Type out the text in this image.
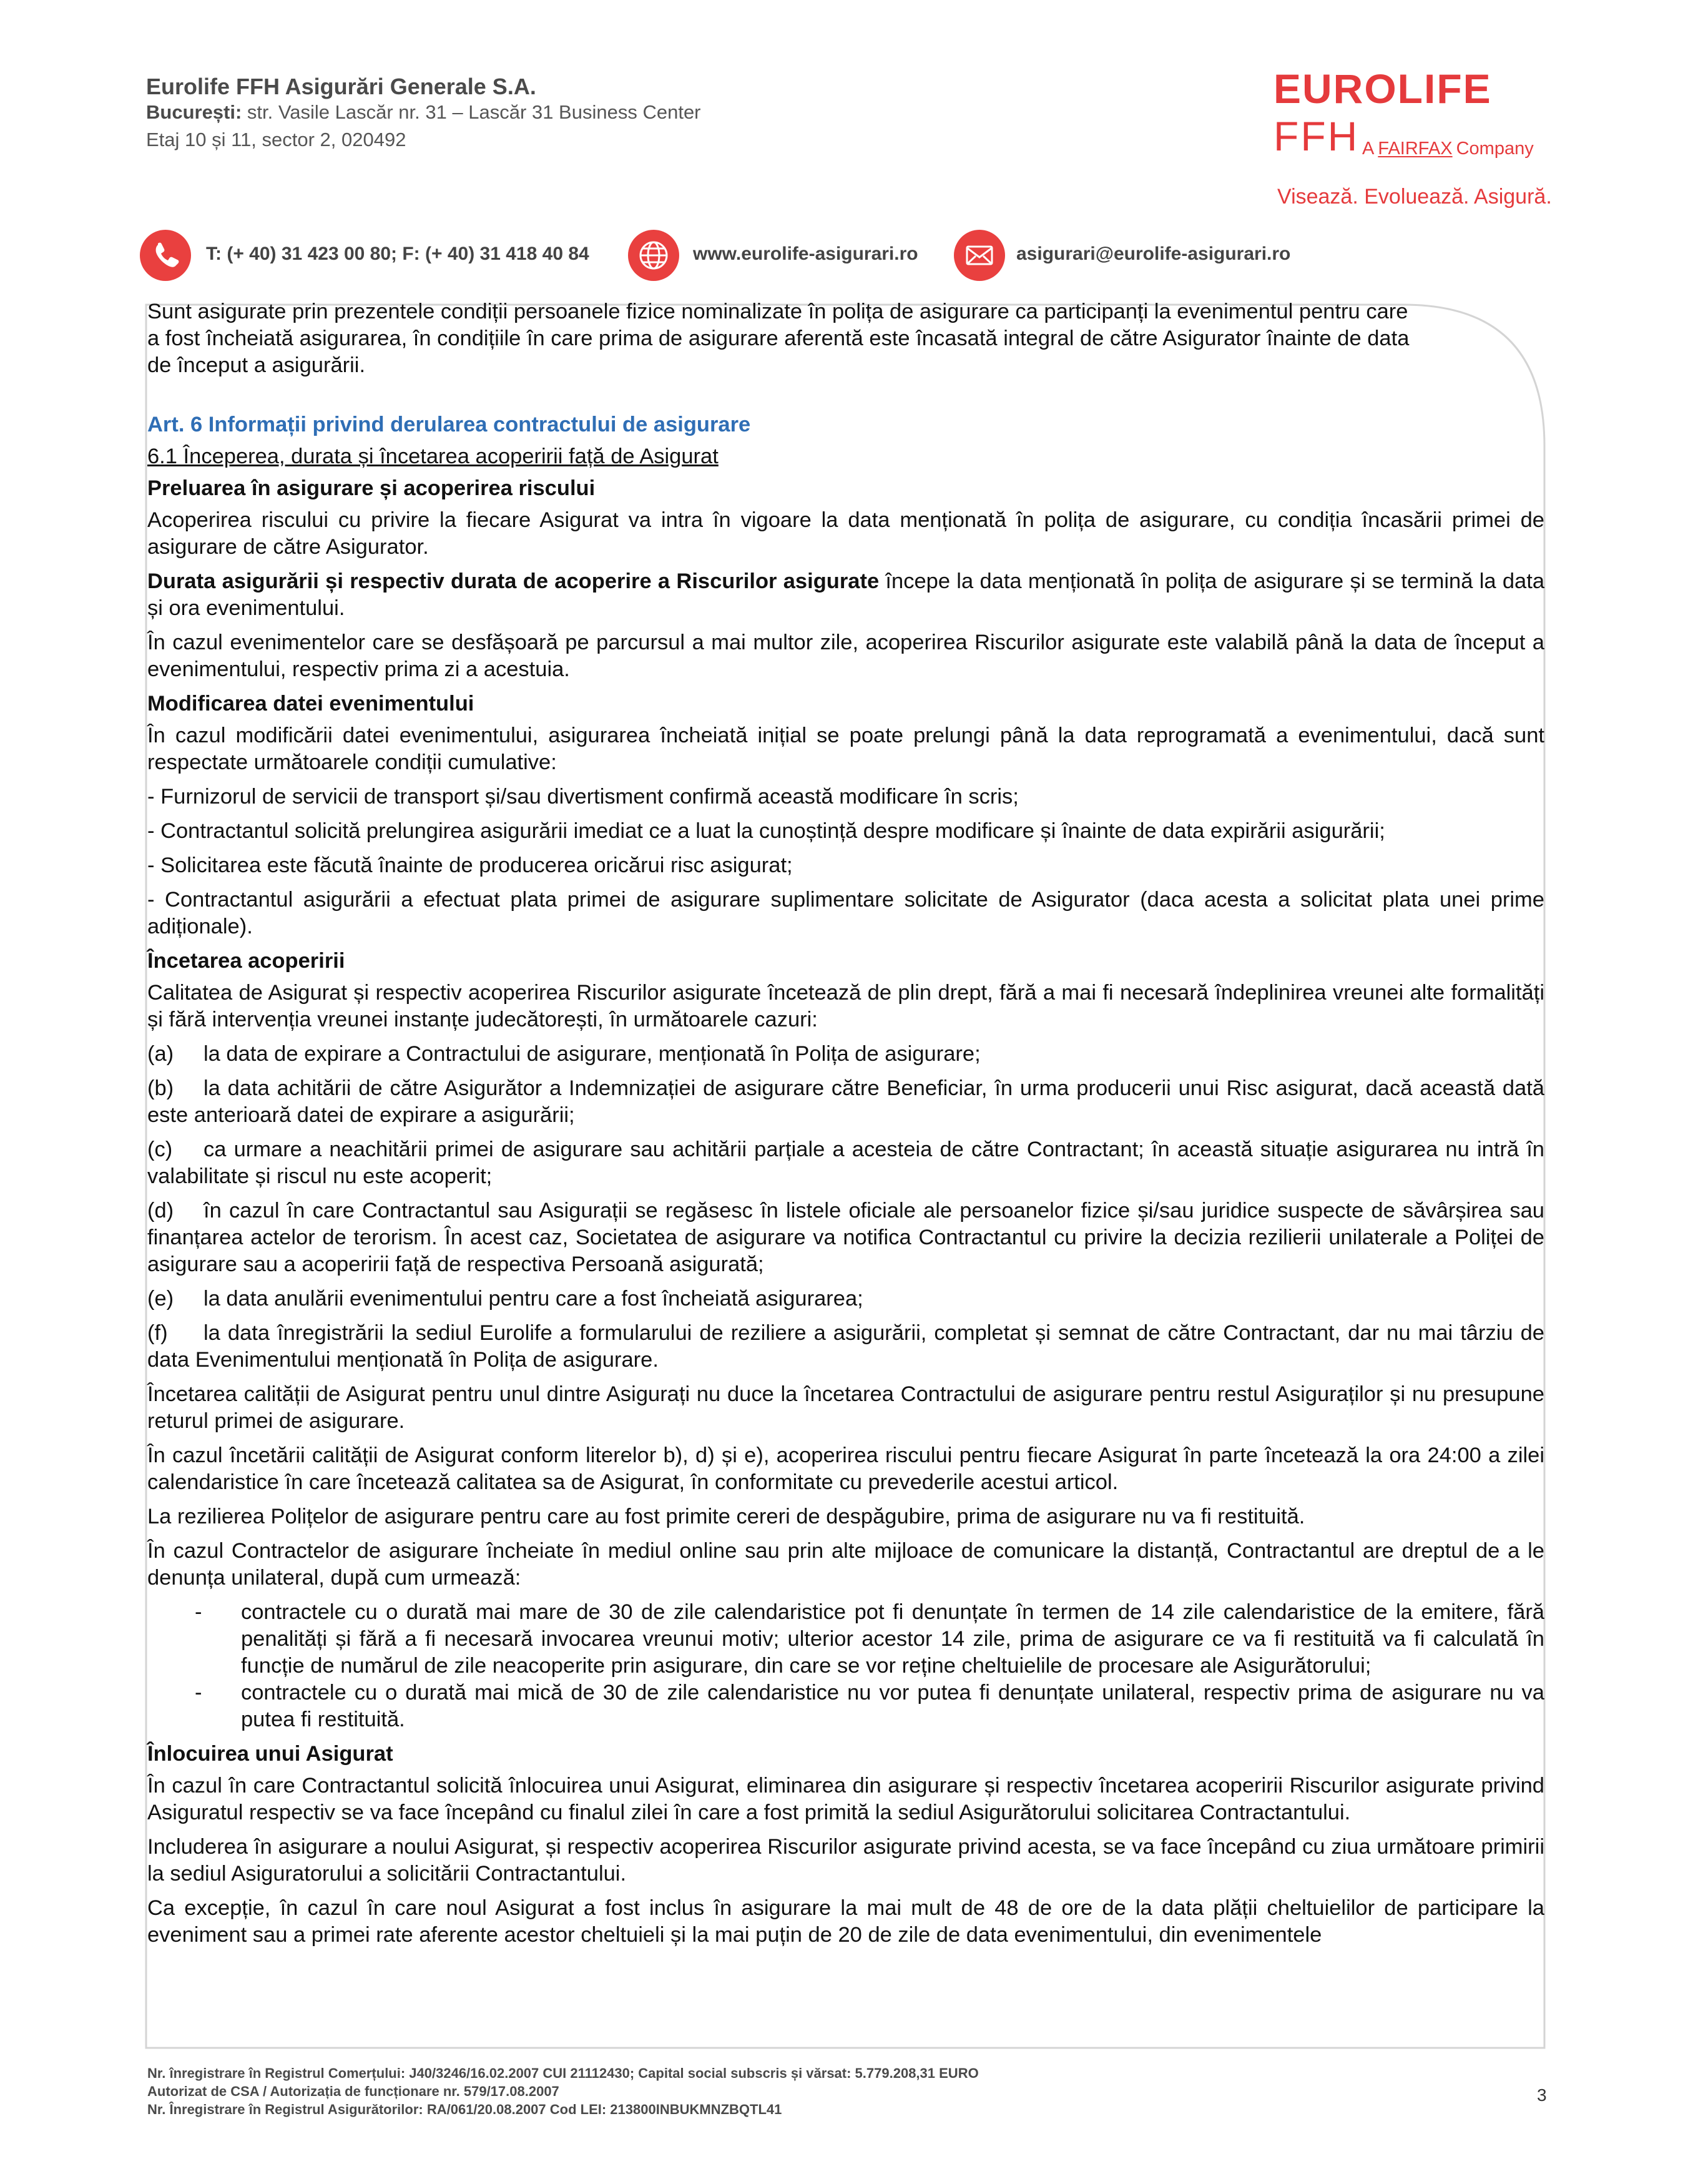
Eurolife FFH Asigurări Generale S.A.
București: str. Vasile Lascăr nr. 31 – Lascăr 31 Business Center
Etaj 10 și 11, sector 2, 020492
EUROLIFE FFH A FAIRFAX Company
Visează. Evoluează. Asigură.
T: (+ 40) 31 423 00 80; F: (+ 40) 31 418 40 84	www.eurolife-asigurari.ro	asigurari@eurolife-asigurari.ro

Sunt asigurate prin prezentele condiții persoanele fizice nominalizate în polița de asigurare ca participanți la evenimentul pentru care a fost încheiată asigurarea, în condițiile în care prima de asigurare aferentă este încasată integral de către Asigurator înainte de data de început a asigurării.

Art. 6 Informații privind derularea contractului de asigurare

6.1 Începerea, durata și încetarea acoperirii față de Asigurat

Preluarea în asigurare și acoperirea riscului

Acoperirea riscului cu privire la fiecare Asigurat va intra în vigoare la data menționată în polița de asigurare, cu condiția încasării primei de asigurare de către Asigurator.

Durata asigurării și respectiv durata de acoperire a Riscurilor asigurate începe la data menționată în polița de asigurare și se termină la data și ora evenimentului.

În cazul evenimentelor care se desfășoară pe parcursul a mai multor zile, acoperirea Riscurilor asigurate este valabilă până la data de început a evenimentului, respectiv prima zi a acestuia.

Modificarea datei evenimentului

În cazul modificării datei evenimentului, asigurarea încheiată inițial se poate prelungi până la data reprogramată a evenimentului, dacă sunt respectate următoarele condiții cumulative:

- Furnizorul de servicii de transport și/sau divertisment confirmă această modificare în scris;

- Contractantul solicită prelungirea asigurării imediat ce a luat la cunoștință despre modificare și înainte de data expirării asigurării;

- Solicitarea este făcută înainte de producerea oricărui risc asigurat;

- Contractantul asigurării a efectuat plata primei de asigurare suplimentare solicitate de Asigurator (daca acesta a solicitat plata unei prime adiționale).

Încetarea acoperirii

Calitatea de Asigurat și respectiv acoperirea Riscurilor asigurate încetează de plin drept, fără a mai fi necesară îndeplinirea vreunei alte formalități și fără intervenția vreunei instanțe judecătorești, în următoarele cazuri:

(a) la data de expirare a Contractului de asigurare, menționată în Polița de asigurare;

(b) la data achitării de către Asigurător a Indemnizației de asigurare către Beneficiar, în urma producerii unui Risc asigurat, dacă această dată este anterioară datei de expirare a asigurării;

(c) ca urmare a neachitării primei de asigurare sau achitării parțiale a acesteia de către Contractant; în această situație asigurarea nu intră în valabilitate și riscul nu este acoperit;

(d) în cazul în care Contractantul sau Asigurații se regăsesc în listele oficiale ale persoanelor fizice și/sau juridice suspecte de săvârșirea sau finanțarea actelor de terorism. În acest caz, Societatea de asigurare va notifica Contractantul cu privire la decizia rezilierii unilaterale a Poliței de asigurare sau a acoperirii față de respectiva Persoană asigurată;

(e) la data anulării evenimentului pentru care a fost încheiată asigurarea;

(f) la data înregistrării la sediul Eurolife a formularului de reziliere a asigurării, completat și semnat de către Contractant, dar nu mai târziu de data Evenimentului menționată în Polița de asigurare.

Încetarea calității de Asigurat pentru unul dintre Asigurați nu duce la încetarea Contractului de asigurare pentru restul Asiguraților și nu presupune returul primei de asigurare.

În cazul încetării calității de Asigurat conform literelor b), d) și e), acoperirea riscului pentru fiecare Asigurat în parte încetează la ora 24:00 a zilei calendaristice în care încetează calitatea sa de Asigurat, în conformitate cu prevederile acestui articol.

La rezilierea Polițelor de asigurare pentru care au fost primite cereri de despăgubire, prima de asigurare nu va fi restituită.

În cazul Contractelor de asigurare încheiate în mediul online sau prin alte mijloace de comunicare la distanță, Contractantul are dreptul de a le denunța unilateral, după cum urmează:

-	contractele cu o durată mai mare de 30 de zile calendaristice pot fi denunțate în termen de 14 zile calendaristice de la emitere, fără penalități și fără a fi necesară invocarea vreunui motiv; ulterior acestor 14 zile, prima de asigurare ce va fi restituită va fi calculată în funcție de numărul de zile neacoperite prin asigurare, din care se vor reține cheltuielile de procesare ale Asigurătorului;
-	contractele cu o durată mai mică de 30 de zile calendaristice nu vor putea fi denunțate unilateral, respectiv prima de asigurare nu va putea fi restituită.

Înlocuirea unui Asigurat

În cazul în care Contractantul solicită înlocuirea unui Asigurat, eliminarea din asigurare și respectiv încetarea acoperirii Riscurilor asigurate privind Asiguratul respectiv se va face începând cu finalul zilei în care a fost primită la sediul Asigurătorului solicitarea Contractantului.

Includerea în asigurare a noului Asigurat, și respectiv acoperirea Riscurilor asigurate privind acesta, se va face începând cu ziua următoare primirii la sediul Asiguratorului a solicitării Contractantului.

Ca excepție, în cazul în care noul Asigurat a fost inclus în asigurare la mai mult de 48 de ore de la data plății cheltuielilor de participare la eveniment sau a primei rate aferente acestor cheltuieli și la mai puțin de 20 de zile de data evenimentului, din evenimentele

Nr. înregistrare în Registrul Comerțului: J40/3246/16.02.2007 CUI 21112430; Capital social subscris și vărsat: 5.779.208,31 EURO
Autorizat de CSA / Autorizația de funcționare nr. 579/17.08.2007
Nr. Înregistrare în Registrul Asigurătorilor: RA/061/20.08.2007 Cod LEI: 213800INBUKMNZBQTL41
3
